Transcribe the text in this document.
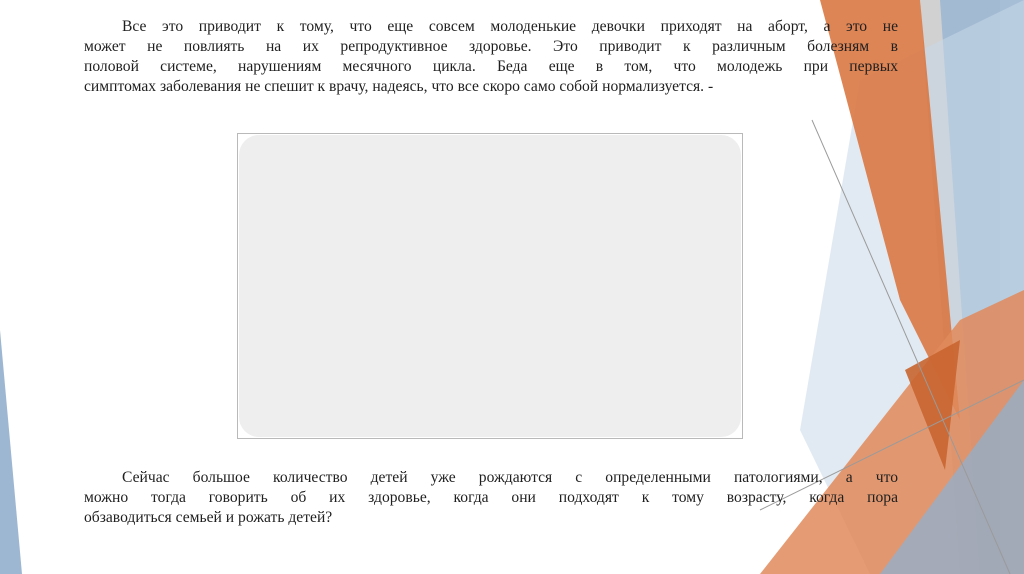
Все это приводит к тому, что еще совсем молоденькие девочки приходят на аборт, а это не
может не повлиять на их репродуктивное здоровье. Это приводит к различным болезням в
половой системе, нарушениям месячного цикла. Беда еще в том, что молодежь при первых
симптомах заболевания не спешит к врачу, надеясь, что все скоро само собой нормализуется. -
Сейчас большое количество детей уже рождаются с определенными патологиями, а что
можно тогда говорить об их здоровье, когда они подходят к тому возрасту, когда пора
обзаводиться семьей и рожать детей?
